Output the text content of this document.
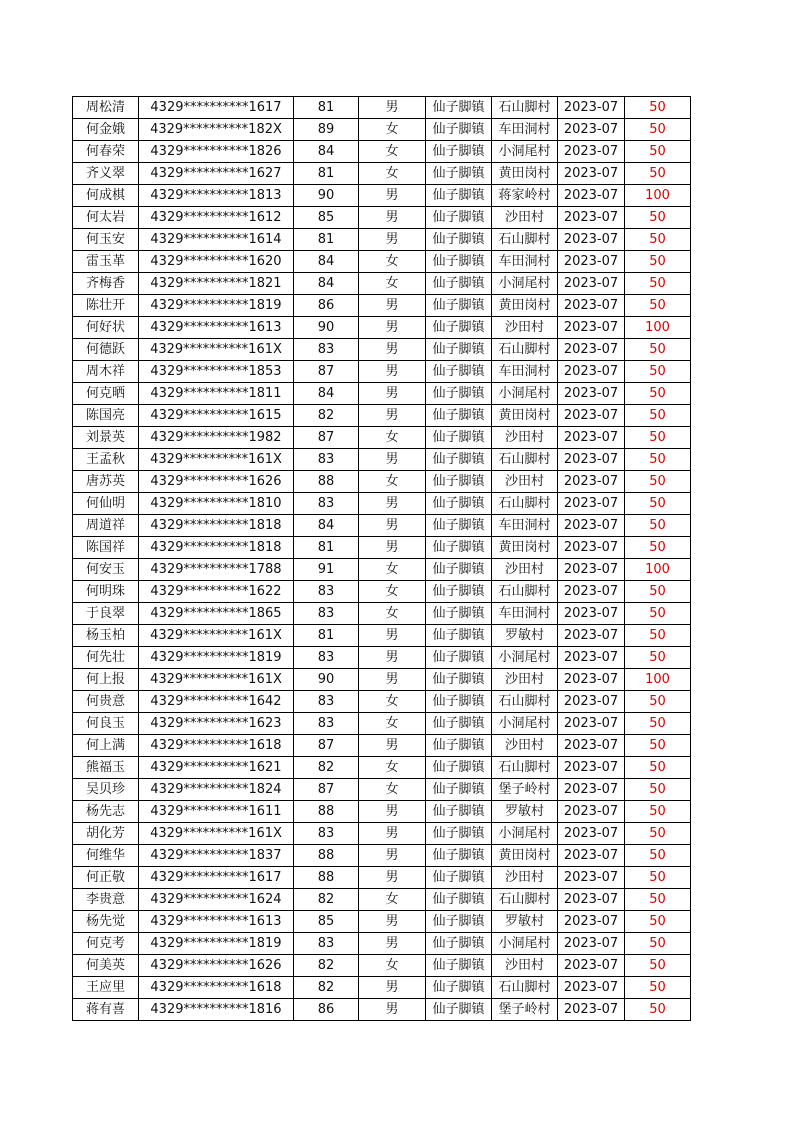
周松清	4329**********1617	81	男	仙子脚镇	石山脚村	2023-07	50
何金娥	4329**********182X	89	女	仙子脚镇	车田洞村	2023-07	50
何春荣	4329**********1826	84	女	仙子脚镇	小洞尾村	2023-07	50
齐义翠	4329**********1627	81	女	仙子脚镇	黄田岗村	2023-07	50
何成棋	4329**********1813	90	男	仙子脚镇	蒋家岭村	2023-07	100
何太岩	4329**********1612	85	男	仙子脚镇	沙田村	2023-07	50
何玉安	4329**********1614	81	男	仙子脚镇	石山脚村	2023-07	50
雷玉革	4329**********1620	84	女	仙子脚镇	车田洞村	2023-07	50
齐梅香	4329**********1821	84	女	仙子脚镇	小洞尾村	2023-07	50
陈壮开	4329**********1819	86	男	仙子脚镇	黄田岗村	2023-07	50
何好状	4329**********1613	90	男	仙子脚镇	沙田村	2023-07	100
何德跃	4329**********161X	83	男	仙子脚镇	石山脚村	2023-07	50
周木祥	4329**********1853	87	男	仙子脚镇	车田洞村	2023-07	50
何克晒	4329**********1811	84	男	仙子脚镇	小洞尾村	2023-07	50
陈国亮	4329**********1615	82	男	仙子脚镇	黄田岗村	2023-07	50
刘景英	4329**********1982	87	女	仙子脚镇	沙田村	2023-07	50
王孟秋	4329**********161X	83	男	仙子脚镇	石山脚村	2023-07	50
唐苏英	4329**********1626	88	女	仙子脚镇	沙田村	2023-07	50
何仙明	4329**********1810	83	男	仙子脚镇	石山脚村	2023-07	50
周道祥	4329**********1818	84	男	仙子脚镇	车田洞村	2023-07	50
陈国祥	4329**********1818	81	男	仙子脚镇	黄田岗村	2023-07	50
何安玉	4329**********1788	91	女	仙子脚镇	沙田村	2023-07	100
何明珠	4329**********1622	83	女	仙子脚镇	石山脚村	2023-07	50
于良翠	4329**********1865	83	女	仙子脚镇	车田洞村	2023-07	50
杨玉柏	4329**********161X	81	男	仙子脚镇	罗敏村	2023-07	50
何先壮	4329**********1819	83	男	仙子脚镇	小洞尾村	2023-07	50
何上报	4329**********161X	90	男	仙子脚镇	沙田村	2023-07	100
何贵意	4329**********1642	83	女	仙子脚镇	石山脚村	2023-07	50
何良玉	4329**********1623	83	女	仙子脚镇	小洞尾村	2023-07	50
何上满	4329**********1618	87	男	仙子脚镇	沙田村	2023-07	50
熊福玉	4329**********1621	82	女	仙子脚镇	石山脚村	2023-07	50
吴贝珍	4329**********1824	87	女	仙子脚镇	堡子岭村	2023-07	50
杨先志	4329**********1611	88	男	仙子脚镇	罗敏村	2023-07	50
胡化芳	4329**********161X	83	男	仙子脚镇	小洞尾村	2023-07	50
何维华	4329**********1837	88	男	仙子脚镇	黄田岗村	2023-07	50
何正敬	4329**********1617	88	男	仙子脚镇	沙田村	2023-07	50
李贵意	4329**********1624	82	女	仙子脚镇	石山脚村	2023-07	50
杨先觉	4329**********1613	85	男	仙子脚镇	罗敏村	2023-07	50
何克考	4329**********1819	83	男	仙子脚镇	小洞尾村	2023-07	50
何美英	4329**********1626	82	女	仙子脚镇	沙田村	2023-07	50
王应里	4329**********1618	82	男	仙子脚镇	石山脚村	2023-07	50
蒋有喜	4329**********1816	86	男	仙子脚镇	堡子岭村	2023-07	50
